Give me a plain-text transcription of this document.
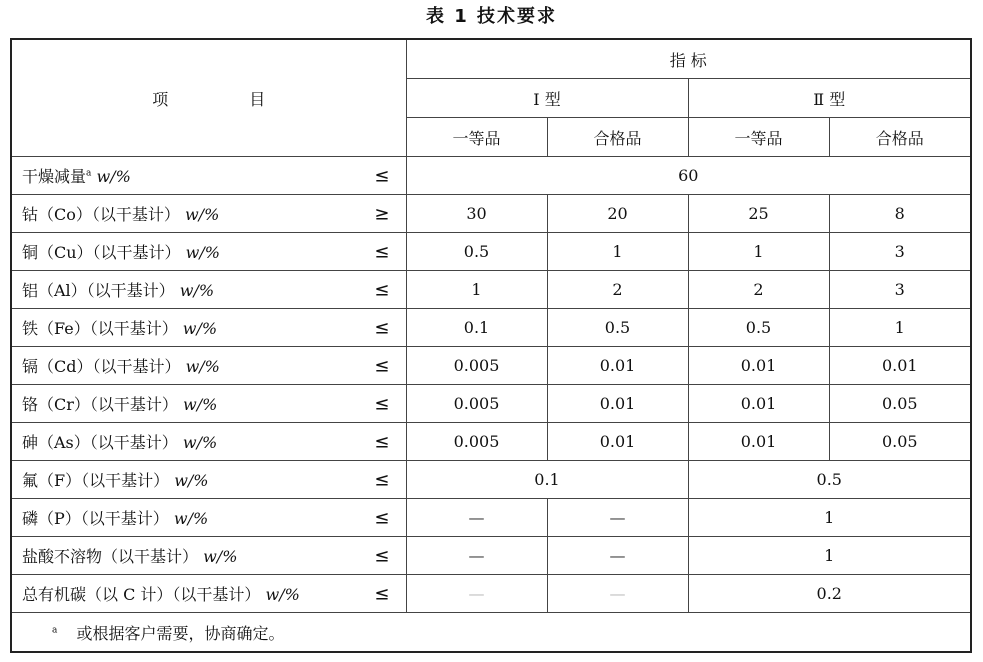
表 1 技术要求
项 目	指 标			
	Ⅰ 型		Ⅱ 型	
	一等品	合格品	一等品	合格品
干燥减量$^a$ w/% ≤	60			
钴（Co）（以干基计） w/% ≥	30	20	25	8
铜（Cu）（以干基计） w/% ≤	0.5	1	1	3
铝（Al）（以干基计） w/% ≤	1	2	2	3
铁（Fe）（以干基计） w/% ≤	0.1	0.5	0.5	1
镉（Cd）（以干基计） w/% ≤	0.005	0.01	0.01	0.01
铬（Cr）（以干基计） w/% ≤	0.005	0.01	0.01	0.05
砷（As）（以干基计） w/% ≤	0.005	0.01	0.01	0.05
氟（F）（以干基计） w/% ≤	0.1		0.5	
磷（P）（以干基计） w/% ≤	—	—	1	
盐酸不溶物（以干基计） w/% ≤	—	—	1	
总有机碳（以 C 计）（以干基计） w/% ≤	—	—	0.2	
$^a$ 或根据客户需要，协商确定。				
